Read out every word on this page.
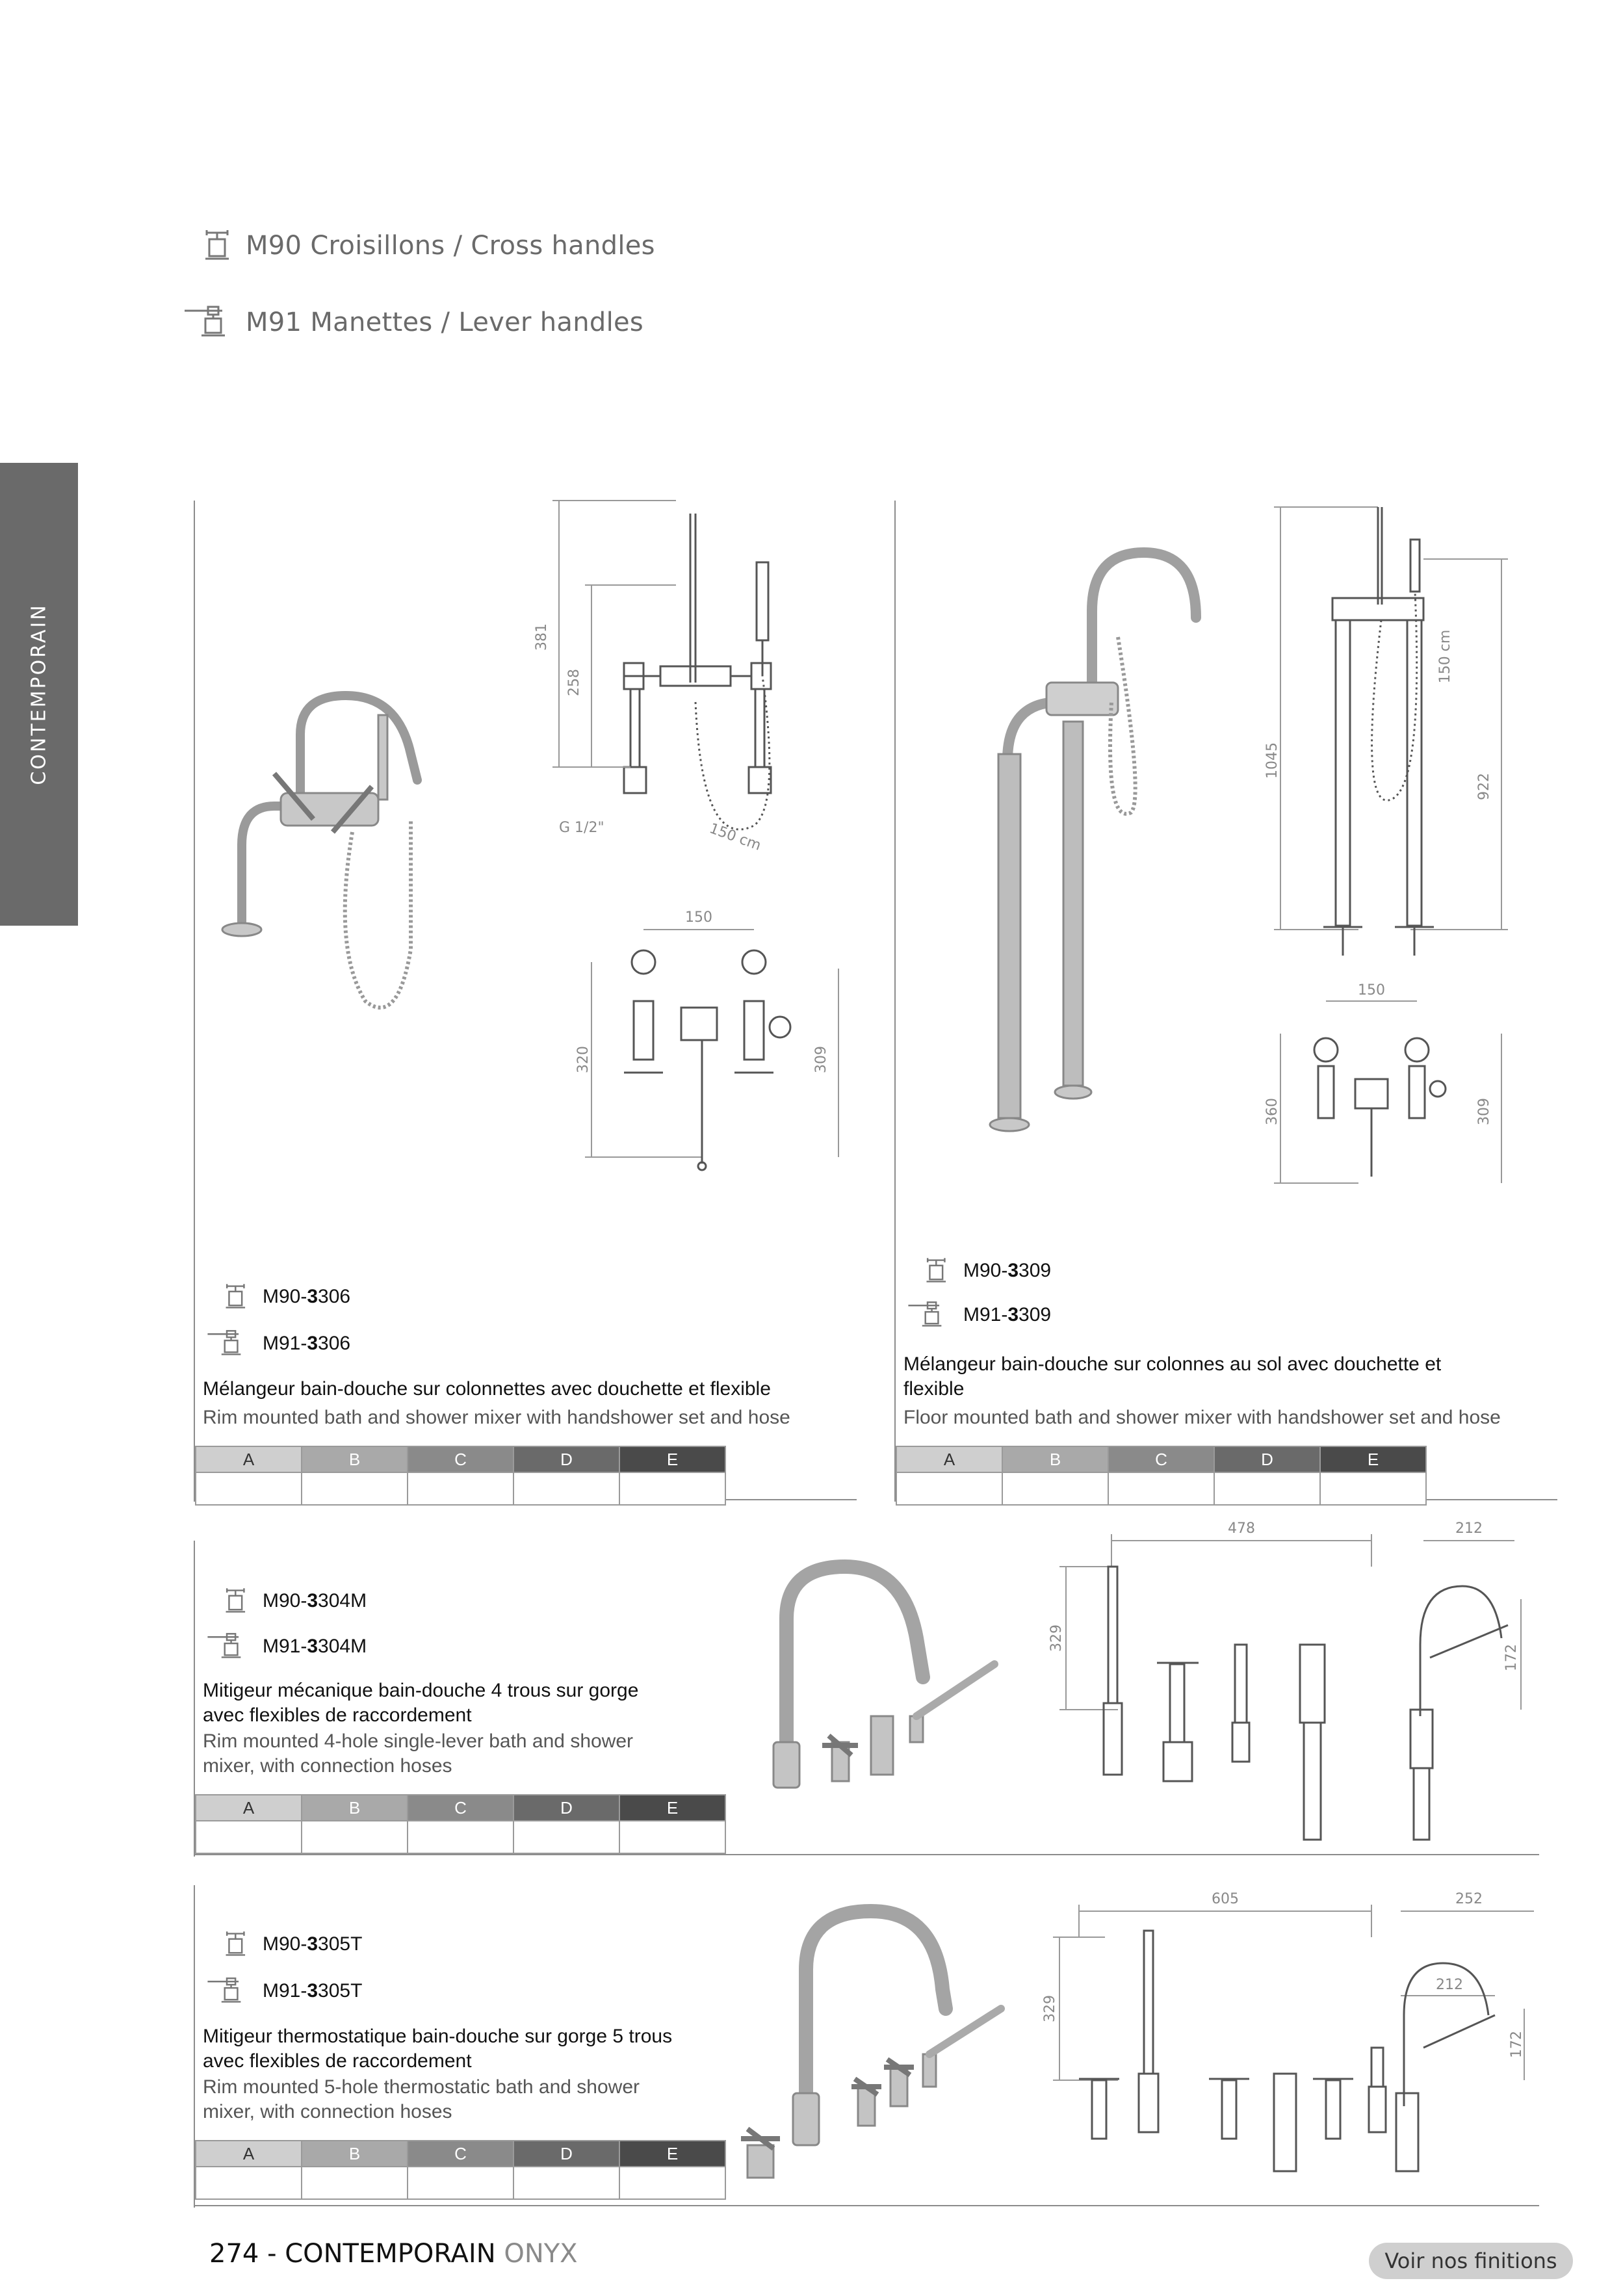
M90 Croisillons / Cross handles
M91 Manettes / Lever handles
CONTEMPORAIN	381
258
G 1/2"	150 cm
150
320	309
M90- 3 306
M91- 3 306
Mélangeur bain-douche sur colonnettes avec douchette et flexible
Rim mounted bath and shower mixer with handshower set and hose
A	B	C	D	E

1045
922
150 cm
150
360	309
M90- 3 309
M91- 3 309
Mélangeur bain-douche sur colonnes au sol avec douchette et
flexible
Floor mounted bath and shower mixer with handshower set and hose
A	B	C	D	E

M90- 3 304M
M91- 3 304M
Mitigeur mécanique bain-douche 4 trous sur gorge
avec flexibles de raccordement
Rim mounted 4-hole single-lever bath and shower
mixer, with connection hoses
A	B	C	D	E

478
329
212
172
M90- 3 305T
M91- 3 305T
Mitigeur thermostatique bain-douche sur gorge 5 trous
avec flexibles de raccordement
Rim mounted 5-hole thermostatic bath and shower
mixer, with connection hoses
A	B	C	D	E

605
329
252
212
172
274 - CONTEMPORAIN ONYX	Voir nos finitions
